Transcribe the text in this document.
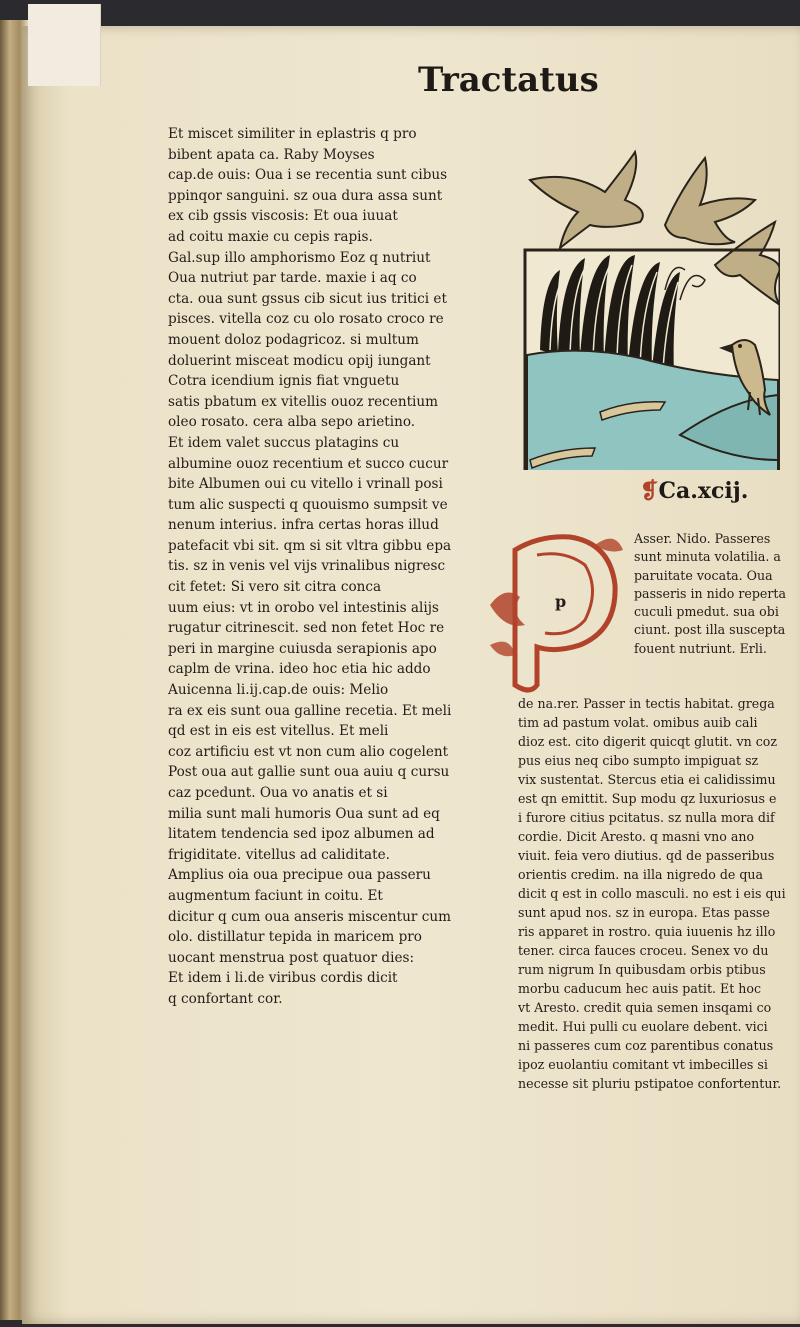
Tractatus
Et miscet similiter in eplastris q pro
bibent apata ca. Raby Moyses
cap.de ouis: Oua i se recentia sunt cibus
ppinqor sanguini. sz oua dura assa sunt
ex cib gssis viscosis: Et oua iuuat
ad coitu maxie cu cepis rapis.
Gal.sup illo amphorismo Eoz q nutriut
Oua nutriut par tarde. maxie i aq co
cta. oua sunt gssus cib sicut ius tritici et
pisces. vitella coz cu olo rosato croco re
mouent doloz podagricoz. si multum
doluerint misceat modicu opij iungant
Cotra icendium ignis fiat vnguetu
satis pbatum ex vitellis ouoz recentium
oleo rosato. cera alba sepo arietino.
Et idem valet succus platagins cu
albumine ouoz recentium et succo cucur
bite Albumen oui cu vitello i vrinall posi
tum alic suspecti q quouismo sumpsit ve
nenum interius. infra certas horas illud
patefacit vbi sit. qm si sit vltra gibbu epa
tis. sz in venis vel vijs vrinalibus nigresc
cit fetet: Si vero sit citra conca
uum eius: vt in orobo vel intestinis alijs
rugatur citrinescit. sed non fetet Hoc re
peri in margine cuiusda serapionis apo
caplm de vrina. ideo hoc etia hic addo
Auicenna li.ij.cap.de ouis: Melio
ra ex eis sunt oua galline recetia. Et meli
qd est in eis est vitellus. Et meli
coz artificiu est vt non cum alio cogelent
Post oua aut gallie sunt oua auiu q cursu
caz pcedunt. Oua vo anatis et si
milia sunt mali humoris Oua sunt ad eq
litatem tendencia sed ipoz albumen ad
frigiditate. vitellus ad caliditate.
Amplius oia oua precipue oua passeru
augmentum faciunt in coitu. Et
dicitur q cum oua anseris miscentur cum
olo. distillatur tepida in maricem pro
uocant menstrua post quatuor dies:
Et idem i li.de viribus cordis dicit
q confortant cor.
❡Ca.xcij.
p
Asser. Nido. Passeres
sunt minuta volatilia. a
paruitate vocata. Oua
passeris in nido reperta
cuculi pmedut. sua obi
ciunt. post illa suscepta
fouent nutriunt. Erli.
de na.rer. Passer in tectis habitat. grega
tim ad pastum volat. omibus auib cali
dioz est. cito digerit quicqt glutit. vn coz
pus eius neq cibo sumpto impiguat sz
vix sustentat. Stercus etia ei calidissimu
est qn emittit. Sup modu qz luxuriosus e
i furore citius pcitatus. sz nulla mora dif
cordie. Dicit Aresto. q masni vno ano
viuit. feia vero diutius. qd de passeribus
orientis credim. na illa nigredo de qua
dicit q est in collo masculi. no est i eis qui
sunt apud nos. sz in europa. Etas passe
ris apparet in rostro. quia iuuenis hz illo
tener. circa fauces croceu. Senex vo du
rum nigrum In quibusdam orbis ptibus
morbu caducum hec auis patit. Et hoc
vt Aresto. credit quia semen insqami co
medit. Hui pulli cu euolare debent. vici
ni passeres cum coz parentibus conatus
ipoz euolantiu comitant vt imbecilles si
necesse sit pluriu pstipatoe confortentur.
